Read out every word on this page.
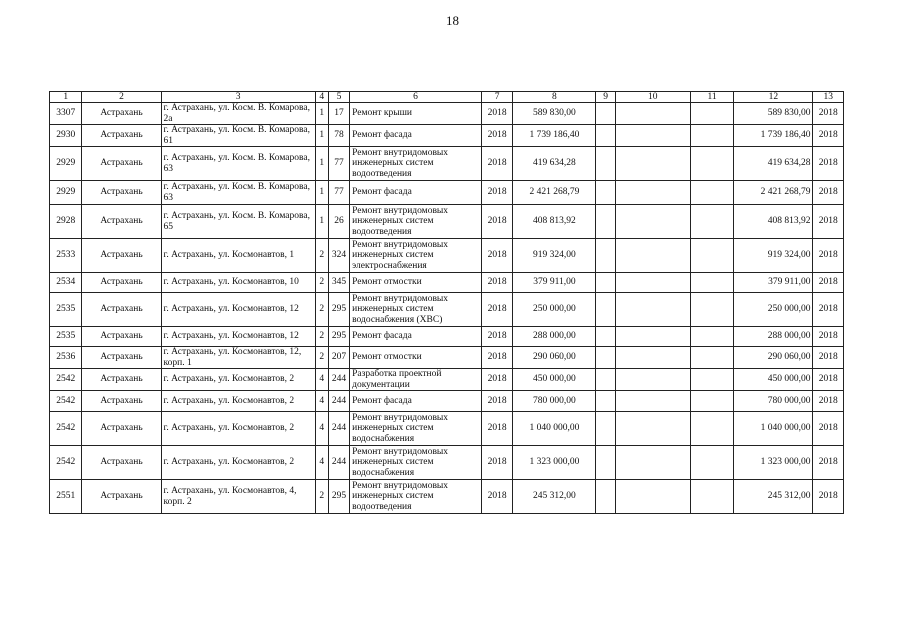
18
1	2	3	4	5	6	7	8	9	10	11	12	13
3307	Астрахань	г. Астрахань, ул. Косм. В. Комарова, 2а	1	17	Ремонт крыши	2018	589 830,00				589 830,00	2018
2930	Астрахань	г. Астрахань, ул. Косм. В. Комарова, 61	1	78	Ремонт фасада	2018	1 739 186,40				1 739 186,40	2018
2929	Астрахань	г. Астрахань, ул. Косм. В. Комарова, 63	1	77	Ремонт внутридомовых инженерных систем водоотведения	2018	419 634,28				419 634,28	2018
2929	Астрахань	г. Астрахань, ул. Косм. В. Комарова, 63	1	77	Ремонт фасада	2018	2 421 268,79				2 421 268,79	2018
2928	Астрахань	г. Астрахань, ул. Косм. В. Комарова, 65	1	26	Ремонт внутридомовых инженерных систем водоотведения	2018	408 813,92				408 813,92	2018
2533	Астрахань	г. Астрахань, ул. Космонавтов, 1	2	324	Ремонт внутридомовых инженерных систем электроснабжения	2018	919 324,00				919 324,00	2018
2534	Астрахань	г. Астрахань, ул. Космонавтов, 10	2	345	Ремонт отмостки	2018	379 911,00				379 911,00	2018
2535	Астрахань	г. Астрахань, ул. Космонавтов, 12	2	295	Ремонт внутридомовых инженерных систем водоснабжения (ХВС)	2018	250 000,00				250 000,00	2018
2535	Астрахань	г. Астрахань, ул. Космонавтов, 12	2	295	Ремонт фасада	2018	288 000,00				288 000,00	2018
2536	Астрахань	г. Астрахань, ул. Космонавтов, 12, корп. 1	2	207	Ремонт отмостки	2018	290 060,00				290 060,00	2018
2542	Астрахань	г. Астрахань, ул. Космонавтов, 2	4	244	Разработка проектной документации	2018	450 000,00				450 000,00	2018
2542	Астрахань	г. Астрахань, ул. Космонавтов, 2	4	244	Ремонт фасада	2018	780 000,00				780 000,00	2018
2542	Астрахань	г. Астрахань, ул. Космонавтов, 2	4	244	Ремонт внутридомовых инженерных систем водоснабжения	2018	1 040 000,00				1 040 000,00	2018
2542	Астрахань	г. Астрахань, ул. Космонавтов, 2	4	244	Ремонт внутридомовых инженерных систем водоснабжения	2018	1 323 000,00				1 323 000,00	2018
2551	Астрахань	г. Астрахань, ул. Космонавтов, 4, корп. 2	2	295	Ремонт внутридомовых инженерных систем водоотведения	2018	245 312,00				245 312,00	2018
